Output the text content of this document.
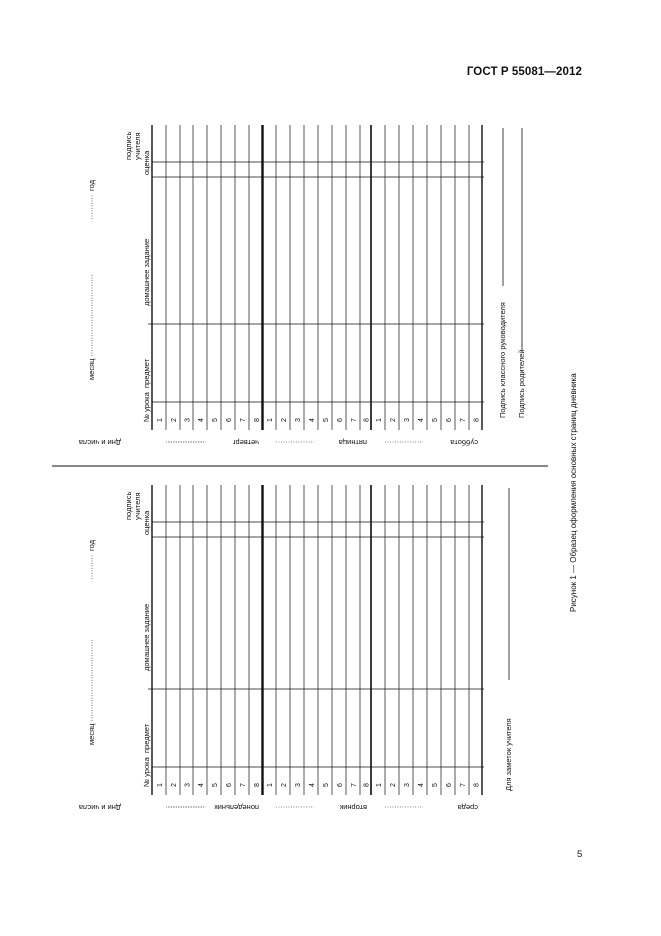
ГОСТ Р 55081—2012
5
1 2 3 4 5 6 7 8
понедельник
1 2 3 4 5 6 7 8
вторник
1 2 3 4 5 6 7 8
среда
№ урока
предмет
домашнее задание
оценка
подпись учителя
месяц
год
Дни и числа
Для заметок учителя
1 2 3 4 5 6 7 8
четверг
1 2 3 4 5 6 7 8
пятница
1 2 3 4 5 6 7 8
суббота
№ урока
предмет
домашнее задание
оценка
подпись учителя
месяц
год
Дни и числа
Подпись классного руководителя Подпись родителей	Рисунок 1 — Образец оформления основных страниц дневника
